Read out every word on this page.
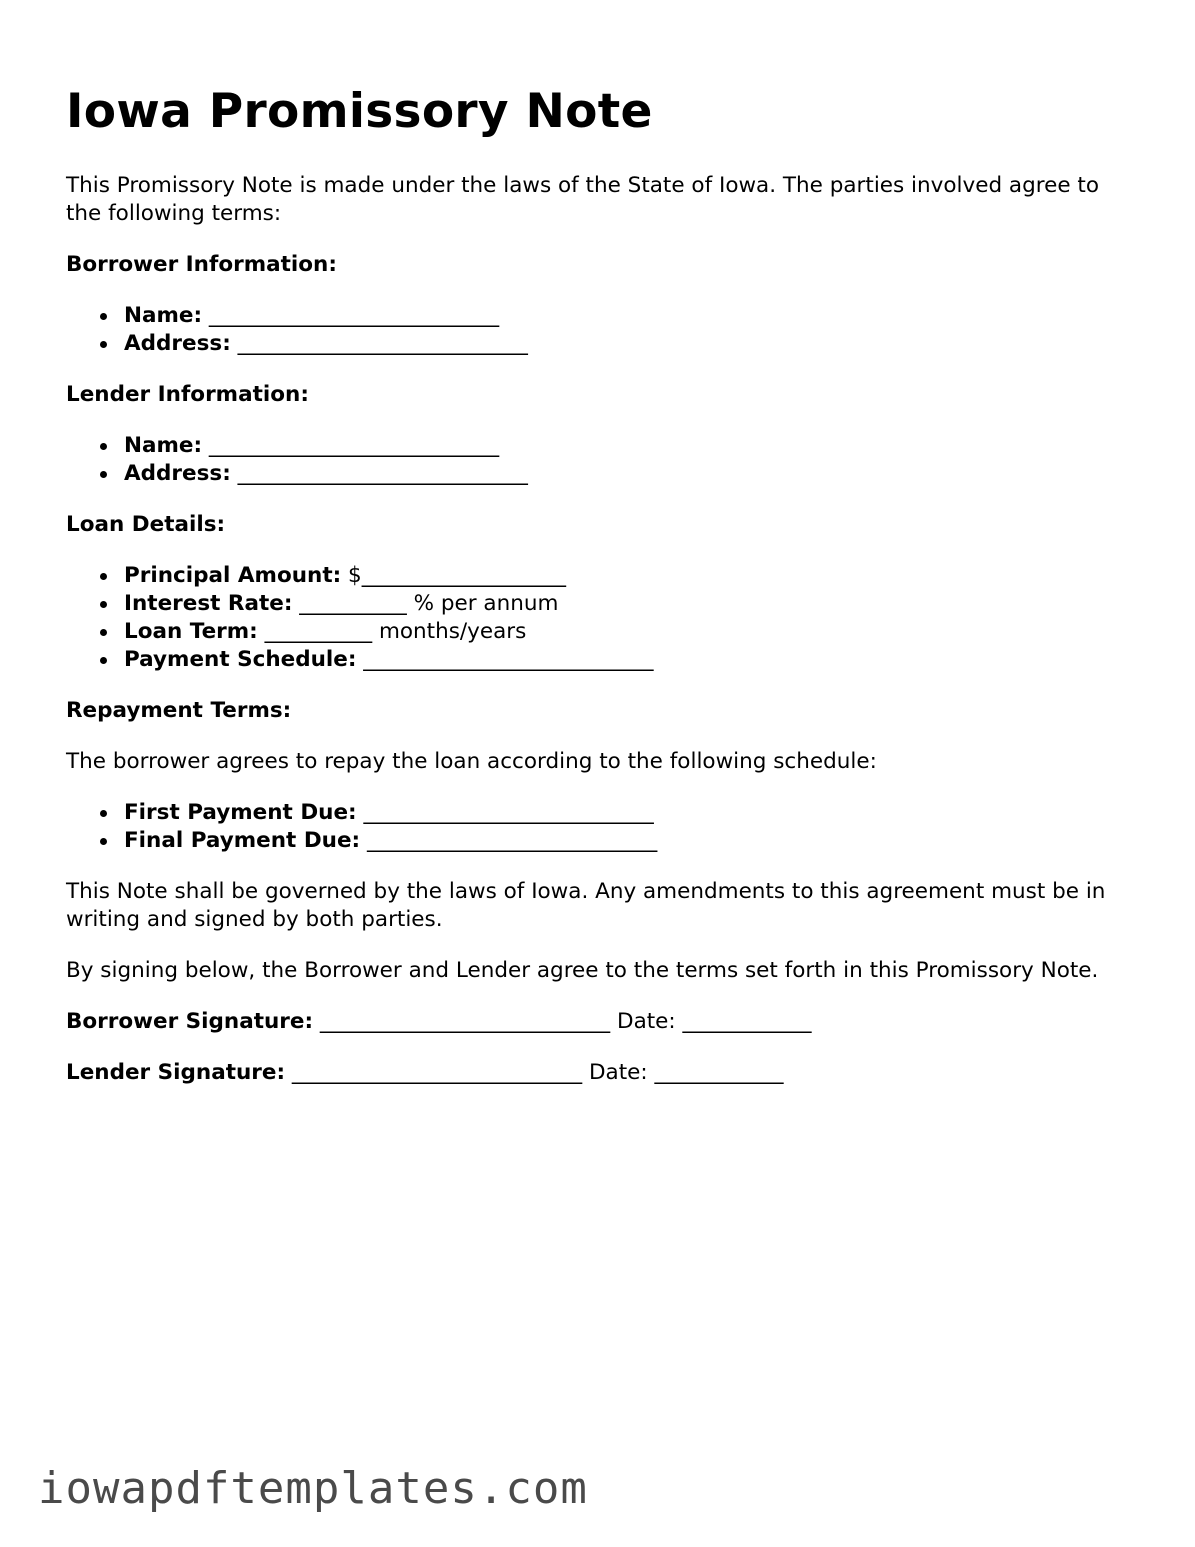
Iowa Promissory Note

This Promissory Note is made under the laws of the State of Iowa. The parties involved agree to the following terms:

Borrower Information:

Name: ___________________________
Address: ___________________________

Lender Information:

Name: ___________________________
Address: ___________________________

Loan Details:

Principal Amount: $___________________
Interest Rate: __________ % per annum
Loan Term: __________ months/years
Payment Schedule: ___________________________

Repayment Terms:

The borrower agrees to repay the loan according to the following schedule:

First Payment Due: ___________________________
Final Payment Due: ___________________________

This Note shall be governed by the laws of Iowa. Any amendments to this agreement must be in writing and signed by both parties.

By signing below, the Borrower and Lender agree to the terms set forth in this Promissory Note.

Borrower Signature: ___________________________ Date: ____________
Lender Signature: ___________________________ Date: ____________
iowapdftemplates.com
